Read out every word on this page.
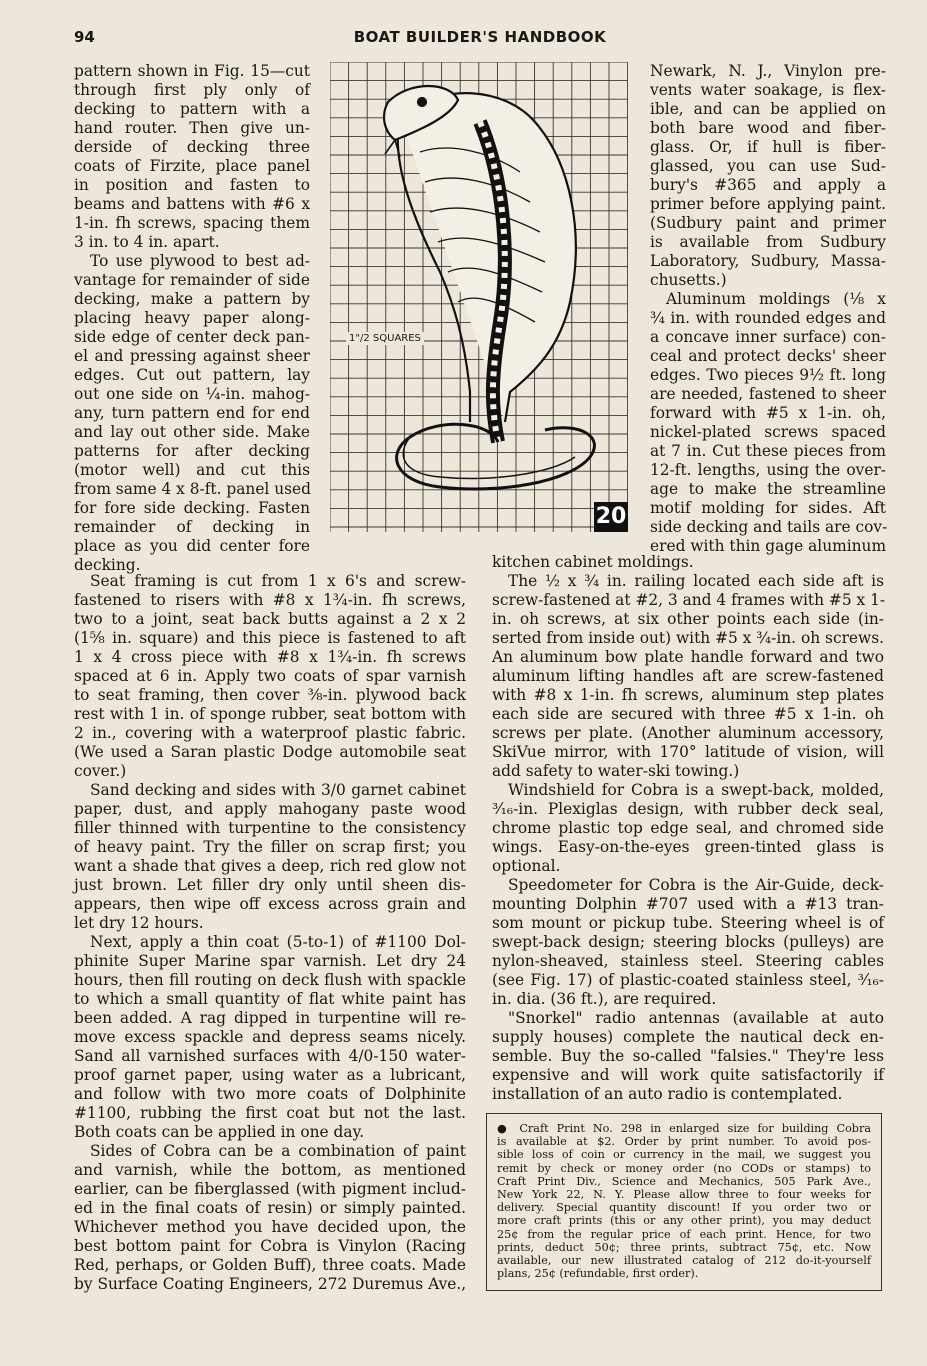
94	BOAT BUILDER'S HANDBOOK
pattern shown in Fig. 15—cut
through first ply only of
decking to pattern with a
hand router. Then give un-
derside of decking three
coats of Firzite, place panel
in position and fasten to
beams and battens with #6 x
1-in. fh screws, spacing them
3 in. to 4 in. apart.
To use plywood to best ad-
vantage for remainder of side
decking, make a pattern by
placing heavy paper along-
side edge of center deck pan-
el and pressing against sheer
edges. Cut out pattern, lay
out one side on ¼-in. mahog-
any, turn pattern end for end
and lay out other side. Make
patterns for after decking
(motor well) and cut this
from same 4 x 8-ft. panel used
for fore side decking. Fasten
remainder of decking in
place as you did center fore
decking.
1"/2 SQUARES
20
Newark, N. J., Vinylon pre-
vents water soakage, is flex-
ible, and can be applied on
both bare wood and fiber-
glass. Or, if hull is fiber-
glassed, you can use Sud-
bury's #365 and apply a
primer before applying paint.
(Sudbury paint and primer
is available from Sudbury
Laboratory, Sudbury, Massa-
chusetts.)
Aluminum moldings (⅛ x
¾ in. with rounded edges and
a concave inner surface) con-
ceal and protect decks' sheer
edges. Two pieces 9½ ft. long
are needed, fastened to sheer
forward with #5 x 1-in. oh,
nickel-plated screws spaced
at 7 in. Cut these pieces from
12-ft. lengths, using the over-
age to make the streamline
motif molding for sides. Aft
side decking and tails are cov-
ered with thin gage aluminum
Seat framing is cut from 1 x 6's and screw-
fastened to risers with #8 x 1¾-in. fh screws,
two to a joint, seat back butts against a 2 x 2
(1⅝ in. square) and this piece is fastened to aft
1 x 4 cross piece with #8 x 1¾-in. fh screws
spaced at 6 in. Apply two coats of spar varnish
to seat framing, then cover ⅜-in. plywood back
rest with 1 in. of sponge rubber, seat bottom with
2 in., covering with a waterproof plastic fabric.
(We used a Saran plastic Dodge automobile seat
cover.)
Sand decking and sides with 3/0 garnet cabinet
paper, dust, and apply mahogany paste wood
filler thinned with turpentine to the consistency
of heavy paint. Try the filler on scrap first; you
want a shade that gives a deep, rich red glow not
just brown. Let filler dry only until sheen dis-
appears, then wipe off excess across grain and
let dry 12 hours.
Next, apply a thin coat (5-to-1) of #1100 Dol-
phinite Super Marine spar varnish. Let dry 24
hours, then fill routing on deck flush with spackle
to which a small quantity of flat white paint has
been added. A rag dipped in turpentine will re-
move excess spackle and depress seams nicely.
Sand all varnished surfaces with 4/0-150 water-
proof garnet paper, using water as a lubricant,
and follow with two more coats of Dolphinite
#1100, rubbing the first coat but not the last.
Both coats can be applied in one day.
Sides of Cobra can be a combination of paint
and varnish, while the bottom, as mentioned
earlier, can be fiberglassed (with pigment includ-
ed in the final coats of resin) or simply painted.
Whichever method you have decided upon, the
best bottom paint for Cobra is Vinylon (Racing
Red, perhaps, or Golden Buff), three coats. Made
by Surface Coating Engineers, 272 Duremus Ave.,
kitchen cabinet moldings.
The ½ x ¾ in. railing located each side aft is
screw-fastened at #2, 3 and 4 frames with #5 x 1-
in. oh screws, at six other points each side (in-
serted from inside out) with #5 x ¾-in. oh screws.
An aluminum bow plate handle forward and two
aluminum lifting handles aft are screw-fastened
with #8 x 1-in. fh screws, aluminum step plates
each side are secured with three #5 x 1-in. oh
screws per plate. (Another aluminum accessory,
SkiVue mirror, with 170° latitude of vision, will
add safety to water-ski towing.)
Windshield for Cobra is a swept-back, molded,
³⁄₁₆-in. Plexiglas design, with rubber deck seal,
chrome plastic top edge seal, and chromed side
wings. Easy-on-the-eyes green-tinted glass is
optional.
Speedometer for Cobra is the Air-Guide, deck-
mounting Dolphin #707 used with a #13 tran-
som mount or pickup tube. Steering wheel is of
swept-back design; steering blocks (pulleys) are
nylon-sheaved, stainless steel. Steering cables
(see Fig. 17) of plastic-coated stainless steel, ³⁄₁₆-
in. dia. (36 ft.), are required.
"Snorkel" radio antennas (available at auto
supply houses) complete the nautical deck en-
semble. Buy the so-called "falsies." They're less
expensive and will work quite satisfactorily if
installation of an auto radio is contemplated.
● Craft Print No. 298 in enlarged size for building Cobra
is available at $2. Order by print number. To avoid pos-
sible loss of coin or currency in the mail, we suggest you
remit by check or money order (no CODs or stamps) to
Craft Print Div., Science and Mechanics, 505 Park Ave.,
New York 22, N. Y. Please allow three to four weeks for
delivery. Special quantity discount! If you order two or
more craft prints (this or any other print), you may deduct
25¢ from the regular price of each print. Hence, for two
prints, deduct 50¢; three prints, subtract 75¢, etc. Now
available, our new illustrated catalog of 212 do-it-yourself
plans, 25¢ (refundable, first order).
